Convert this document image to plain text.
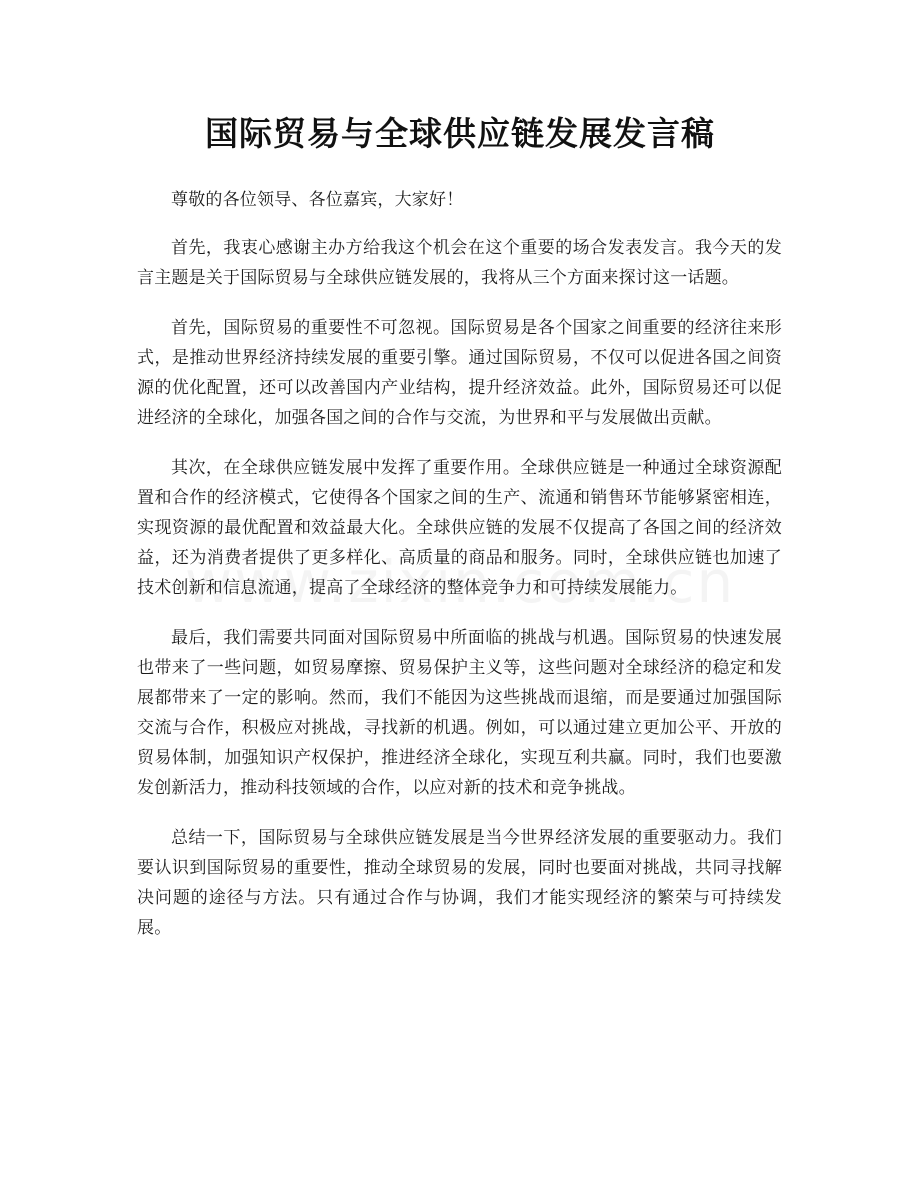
国际贸易与全球供应链发展发言稿

尊敬的各位领导、各位嘉宾，大家好！

首先，我衷心感谢主办方给我这个机会在这个重要的场合发表发言。我今天的发言主题是关于国际贸易与全球供应链发展的，我将从三个方面来探讨这一话题。

首先，国际贸易的重要性不可忽视。国际贸易是各个国家之间重要的经济往来形式，是推动世界经济持续发展的重要引擎。通过国际贸易，不仅可以促进各国之间资源的优化配置，还可以改善国内产业结构，提升经济效益。此外，国际贸易还可以促进经济的全球化，加强各国之间的合作与交流，为世界和平与发展做出贡献。

其次，在全球供应链发展中发挥了重要作用。全球供应链是一种通过全球资源配置和合作的经济模式，它使得各个国家之间的生产、流通和销售环节能够紧密相连，实现资源的最优配置和效益最大化。全球供应链的发展不仅提高了各国之间的经济效益，还为消费者提供了更多样化、高质量的商品和服务。同时，全球供应链也加速了技术创新和信息流通，提高了全球经济的整体竞争力和可持续发展能力。

最后，我们需要共同面对国际贸易中所面临的挑战与机遇。国际贸易的快速发展也带来了一些问题，如贸易摩擦、贸易保护主义等，这些问题对全球经济的稳定和发展都带来了一定的影响。然而，我们不能因为这些挑战而退缩，而是要通过加强国际交流与合作，积极应对挑战，寻找新的机遇。例如，可以通过建立更加公平、开放的贸易体制，加强知识产权保护，推进经济全球化，实现互利共赢。同时，我们也要激发创新活力，推动科技领域的合作，以应对新的技术和竞争挑战。

总结一下，国际贸易与全球供应链发展是当今世界经济发展的重要驱动力。我们要认识到国际贸易的重要性，推动全球贸易的发展，同时也要面对挑战，共同寻找解决问题的途径与方法。只有通过合作与协调，我们才能实现经济的繁荣与可持续发展。
